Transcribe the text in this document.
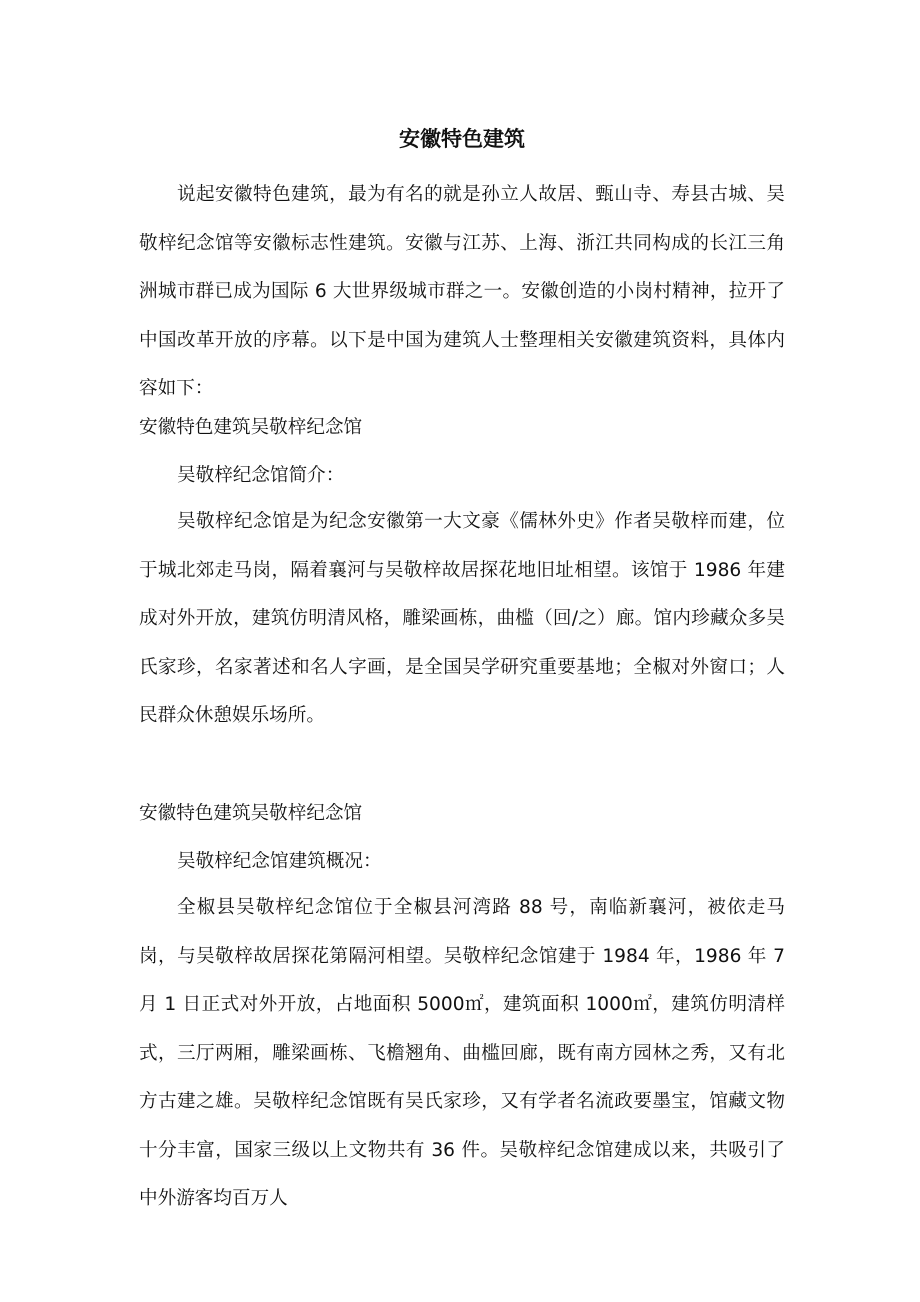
安徽特色建筑

说起安徽特色建筑，最为有名的就是孙立人故居、甄山寺、寿县古城、吴敬梓纪念馆等安徽标志性建筑。安徽与江苏、上海、浙江共同构成的长江三角洲城市群已成为国际 6 大世界级城市群之一。安徽创造的小岗村精神，拉开了中国改革开放的序幕。以下是中国为建筑人士整理相关安徽建筑资料，具体内容如下：

安徽特色建筑吴敬梓纪念馆

吴敬梓纪念馆简介：

吴敬梓纪念馆是为纪念安徽第一大文豪《儒林外史》作者吴敬梓而建，位于城北郊走马岗，隔着襄河与吴敬梓故居探花地旧址相望。该馆于 1986 年建成对外开放，建筑仿明清风格，雕梁画栋，曲槛（回/之）廊。馆内珍藏众多吴氏家珍，名家著述和名人字画，是全国吴学研究重要基地；全椒对外窗口；人民群众休憩娱乐场所。

安徽特色建筑吴敬梓纪念馆

吴敬梓纪念馆建筑概况：

全椒县吴敬梓纪念馆位于全椒县河湾路 88 号，南临新襄河，被依走马岗，与吴敬梓故居探花第隔河相望。吴敬梓纪念馆建于 1984 年，1986 年 7 月 1 日正式对外开放，占地面积 5000㎡，建筑面积 1000㎡，建筑仿明清样式，三厅两厢，雕梁画栋、飞檐翘角、曲槛回廊，既有南方园林之秀，又有北方古建之雄。吴敬梓纪念馆既有吴氏家珍，又有学者名流政要墨宝，馆藏文物十分丰富，国家三级以上文物共有 36 件。吴敬梓纪念馆建成以来，共吸引了中外游客均百万人
